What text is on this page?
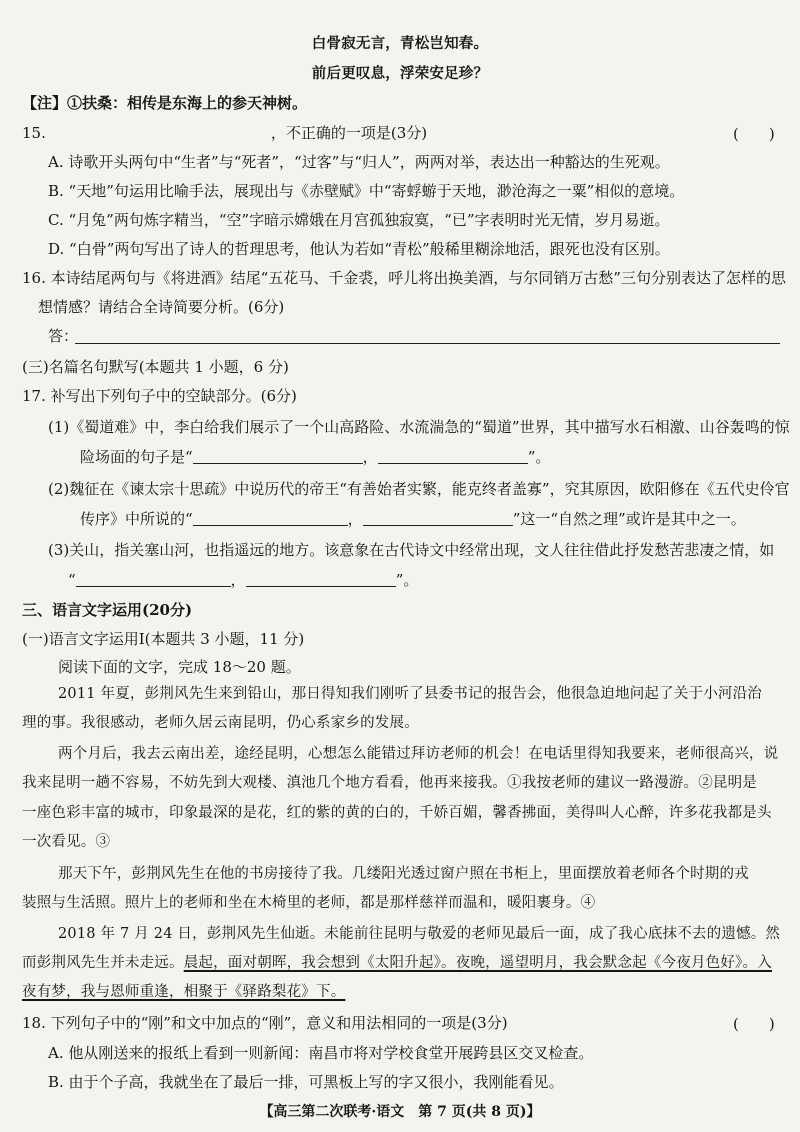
白骨寂无言，青松岂知春。
前后更叹息，浮荣安足珍？
【注】①扶桑：相传是东海上的参天神树。
15.　　　　　　　　　　　　　　　，不正确的一项是(3分)	(　　)
A. 诗歌开头两句中“生者”与“死者”，“过客”与“归人”，两两对举，表达出一种豁达的生死观。
B. “天地”句运用比喻手法，展现出与《赤壁赋》中“寄蜉蝣于天地，渺沧海之一粟”相似的意境。
C. “月兔”两句炼字精当，“空”字暗示嫦娥在月宫孤独寂寞，“已”字表明时光无情，岁月易逝。
D. “白骨”两句写出了诗人的哲理思考，他认为若如“青松”般稀里糊涂地活，跟死也没有区别。
16. 本诗结尾两句与《将进酒》结尾“五花马、千金裘，呼儿将出换美酒，与尔同销万古愁”三句分别表达了怎样的思
想情感？请结合全诗简要分析。(6分)
答：
(三)名篇名句默写(本题共 1 小题，6 分)
17. 补写出下列句子中的空缺部分。(6分)
(1)《蜀道难》中，李白给我们展示了一个山高路险、水流湍急的“蜀道”世界，其中描写水石相激、山谷轰鸣的惊
险场面的句子是“	，	”。
(2)魏征在《谏太宗十思疏》中说历代的帝王“有善始者实繁，能克终者盖寡”，究其原因，欧阳修在《五代史伶官
传序》中所说的“	，	”这一“自然之理”或许是其中之一。
(3)关山，指关塞山河，也指遥远的地方。该意象在古代诗文中经常出现，文人往往借此抒发愁苦悲凄之情，如
“	，	”。
三、语言文字运用(20分)
(一)语言文字运用Ⅰ(本题共 3 小题，11 分)
阅读下面的文字，完成 18～20 题。
2011 年夏，彭荆风先生来到铅山，那日得知我们刚听了县委书记的报告会，他很急迫地问起了关于小河沿治
理的事。我很感动，老师久居云南昆明，仍心系家乡的发展。
两个月后，我去云南出差，途经昆明，心想怎么能错过拜访老师的机会！在电话里得知我要来，老师很高兴，说
我来昆明一趟不容易，不妨先到大观楼、滇池几个地方看看，他再来接我。①我按老师的建议一路漫游。②昆明是
一座色彩丰富的城市，印象最深的是花，红的紫的黄的白的，千娇百媚，馨香拂面，美得叫人心醉，许多花我都是头
一次看见。③
那天下午，彭荆风先生在他的书房接待了我。几缕阳光透过窗户照在书柜上，里面摆放着老师各个时期的戎
装照与生活照。照片上的老师和坐在木椅里的老师，都是那样慈祥而温和，暖阳裹身。④
2018 年 7 月 24 日，彭荆风先生仙逝。未能前往昆明与敬爱的老师见最后一面，成了我心底抹不去的遗憾。然
而彭荆风先生并未走远。晨起，面对朝晖，我会想到《太阳升起》。夜晚，遥望明月，我会默念起《今夜月色好》。入
夜有梦，我与恩师重逢，相聚于《驿路梨花》下。
18. 下列句子中的“刚”和文中加点的“刚”，意义和用法相同的一项是(3分)	(　　)
A. 他从刚送来的报纸上看到一则新闻：南昌市将对学校食堂开展跨县区交叉检查。
B. 由于个子高，我就坐在了最后一排，可黑板上写的字又很小，我刚能看见。
【高三第二次联考·语文　第 7 页(共 8 页)】
